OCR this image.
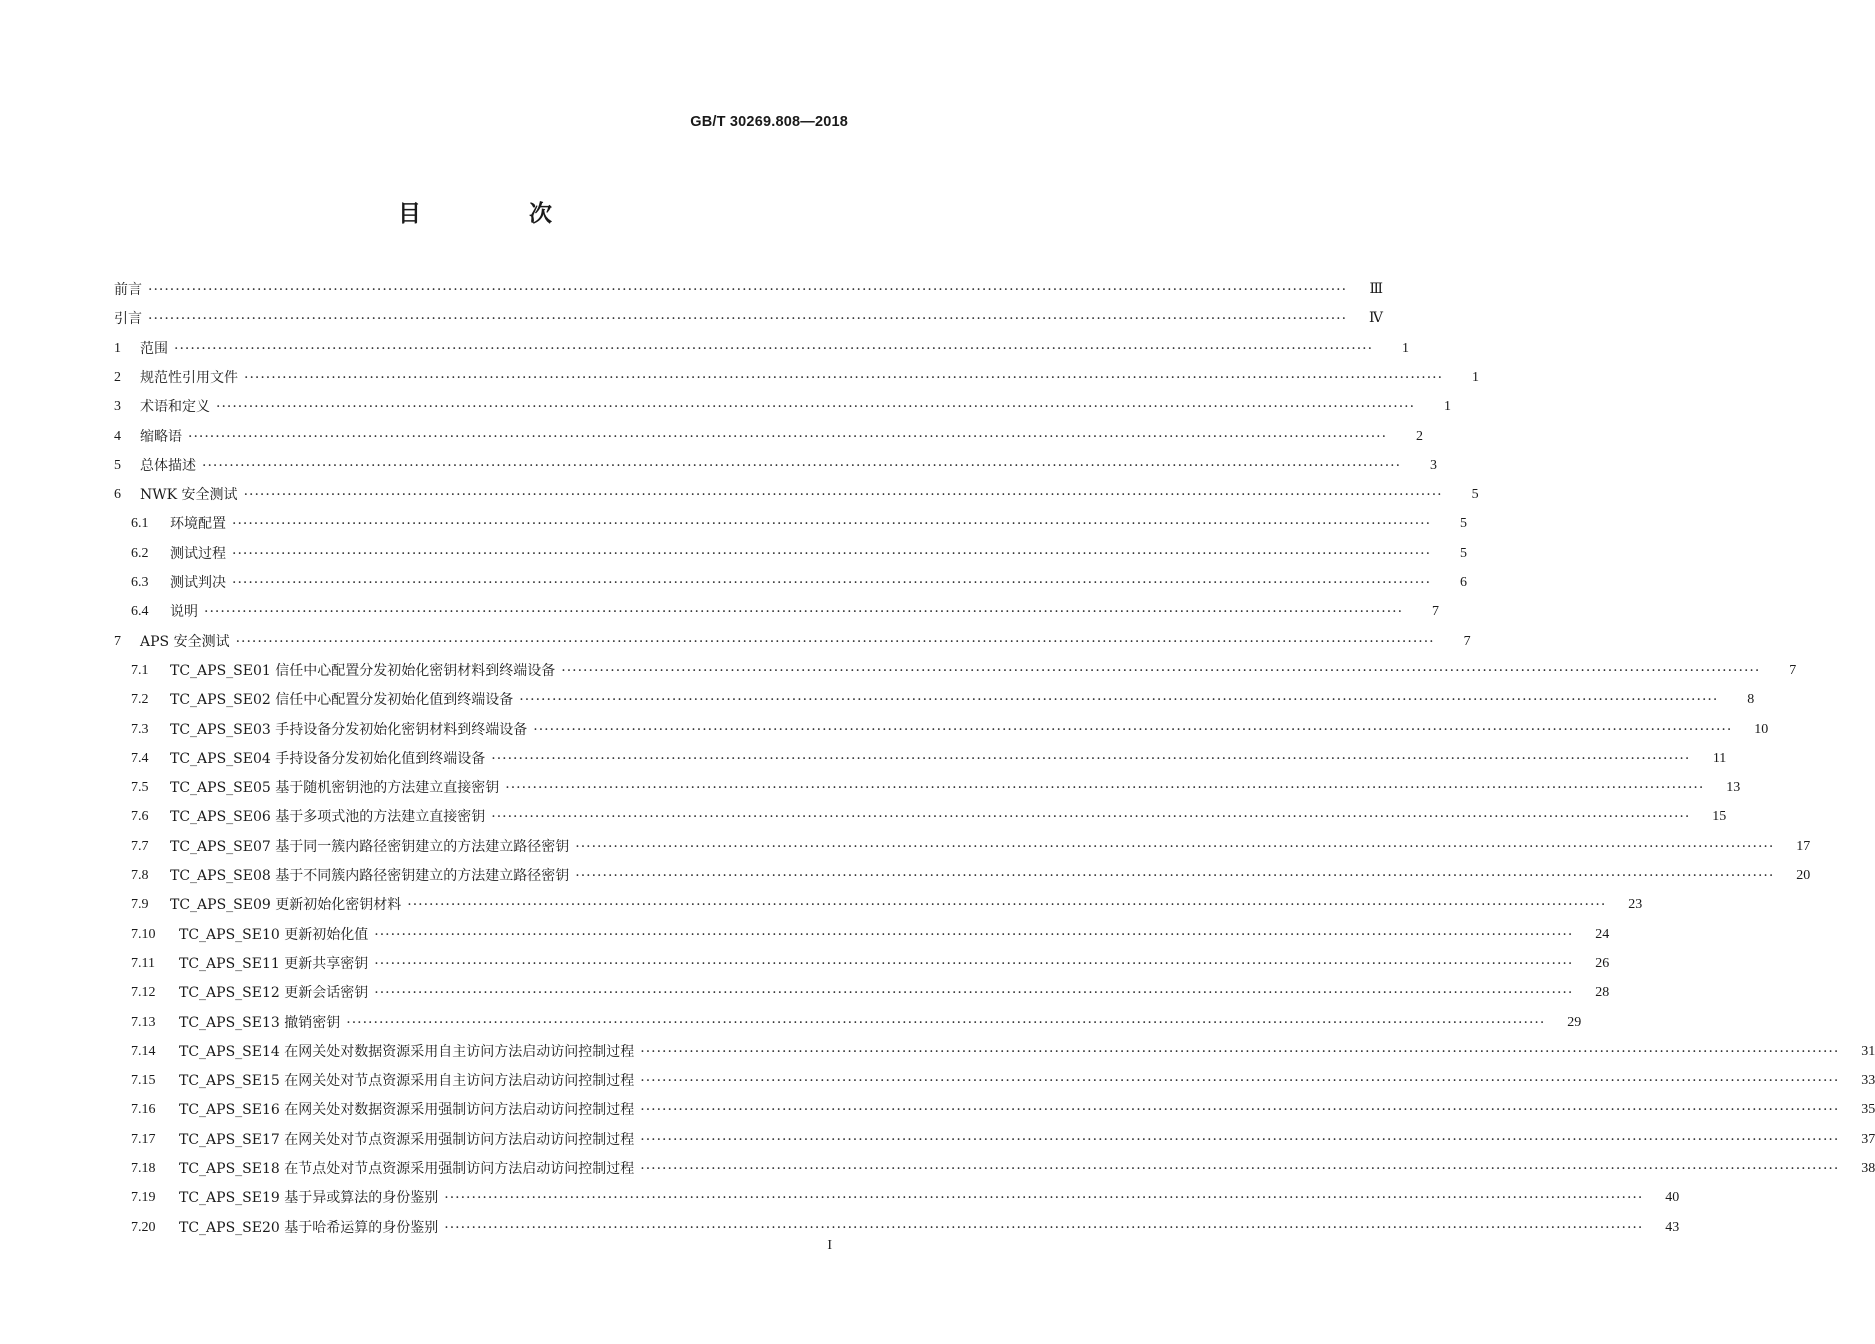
GB/T 30269.808—2018
目 次
前言 ····························································································································································································································	Ⅲ
引言 ····························································································································································································································	Ⅳ
1	范围 ····························································································································································································································	1
2	规范性引用文件 ····························································································································································································································	1
3	术语和定义 ····························································································································································································································	1
4	缩略语 ····························································································································································································································	2
5	总体描述 ····························································································································································································································	3
6	NWK 安全测试 ····························································································································································································································	5
6.1	环境配置 ····························································································································································································································	5
6.2	测试过程 ····························································································································································································································	5
6.3	测试判决 ····························································································································································································································	6
6.4	说明 ····························································································································································································································	7
7	APS 安全测试 ····························································································································································································································	7
7.1	TC_APS_SE01 信任中心配置分发初始化密钥材料到终端设备 ····························································································································································································································	7
7.2	TC_APS_SE02 信任中心配置分发初始化值到终端设备 ····························································································································································································································	8
7.3	TC_APS_SE03 手持设备分发初始化密钥材料到终端设备 ····························································································································································································································	10
7.4	TC_APS_SE04 手持设备分发初始化值到终端设备 ····························································································································································································································	11
7.5	TC_APS_SE05 基于随机密钥池的方法建立直接密钥 ····························································································································································································································	13
7.6	TC_APS_SE06 基于多项式池的方法建立直接密钥 ····························································································································································································································	15
7.7	TC_APS_SE07 基于同一簇内路径密钥建立的方法建立路径密钥 ····························································································································································································································	17
7.8	TC_APS_SE08 基于不同簇内路径密钥建立的方法建立路径密钥 ····························································································································································································································	20
7.9	TC_APS_SE09 更新初始化密钥材料 ····························································································································································································································	23
7.10	TC_APS_SE10 更新初始化值 ····························································································································································································································	24
7.11	TC_APS_SE11 更新共享密钥 ····························································································································································································································	26
7.12	TC_APS_SE12 更新会话密钥 ····························································································································································································································	28
7.13	TC_APS_SE13 撤销密钥 ····························································································································································································································	29
7.14	TC_APS_SE14 在网关处对数据资源采用自主访问方法启动访问控制过程 ····························································································································································································································	31
7.15	TC_APS_SE15 在网关处对节点资源采用自主访问方法启动访问控制过程 ····························································································································································································································	33
7.16	TC_APS_SE16 在网关处对数据资源采用强制访问方法启动访问控制过程 ····························································································································································································································	35
7.17	TC_APS_SE17 在网关处对节点资源采用强制访问方法启动访问控制过程 ····························································································································································································································	37
7.18	TC_APS_SE18 在节点处对节点资源采用强制访问方法启动访问控制过程 ····························································································································································································································	38
7.19	TC_APS_SE19 基于异或算法的身份鉴别 ····························································································································································································································	40
7.20	TC_APS_SE20 基于哈希运算的身份鉴别 ····························································································································································································································	43
I
